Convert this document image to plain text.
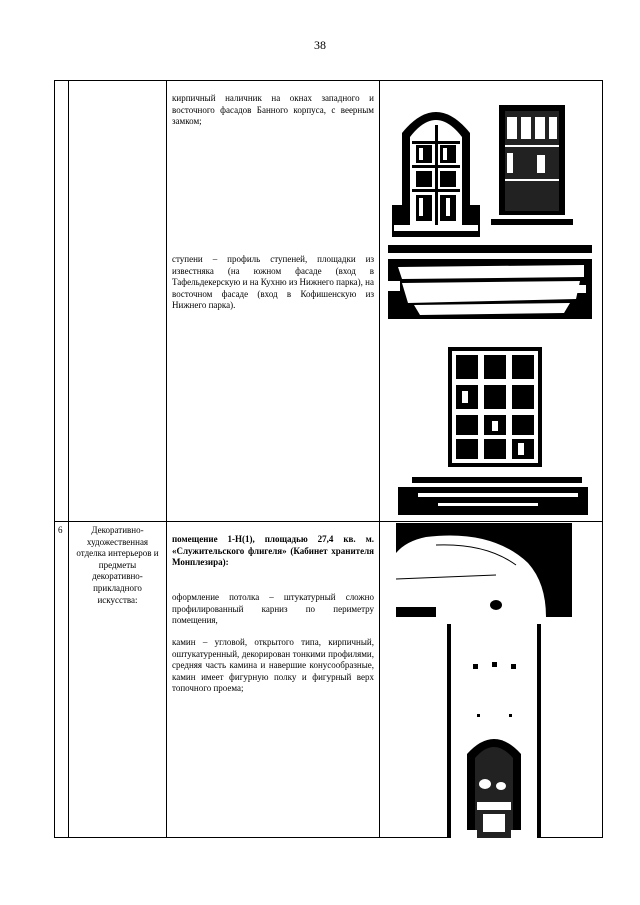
38

		кирпичный наличник на окнах западного и восточного фасадов Банного корпуса, с веерным замком;

ступени – профиль ступеней, площадки из известняка (на южном фасаде (вход в Тафельдекерскую и на Кухню из Нижнего парка), на восточном фасаде (вход в Кофишенскую из Нижнего парка).

6	Декоративно-художественная отделка интерьеров и предметы декоративно-прикладного искусства:	помещение 1-Н(1), площадью 27,4 кв. м. «Служительского флигеля» (Кабинет хранителя Монплезира):

оформление потолка – штукатурный сложно профилированный карниз по периметру помещения,

камин – угловой, открытого типа, кирпичный, оштукатуренный, декорирован тонкими профилями, средняя часть камина и навершие конусообразные, камин имеет фигурную полку и фигурный верх топочного проема;
